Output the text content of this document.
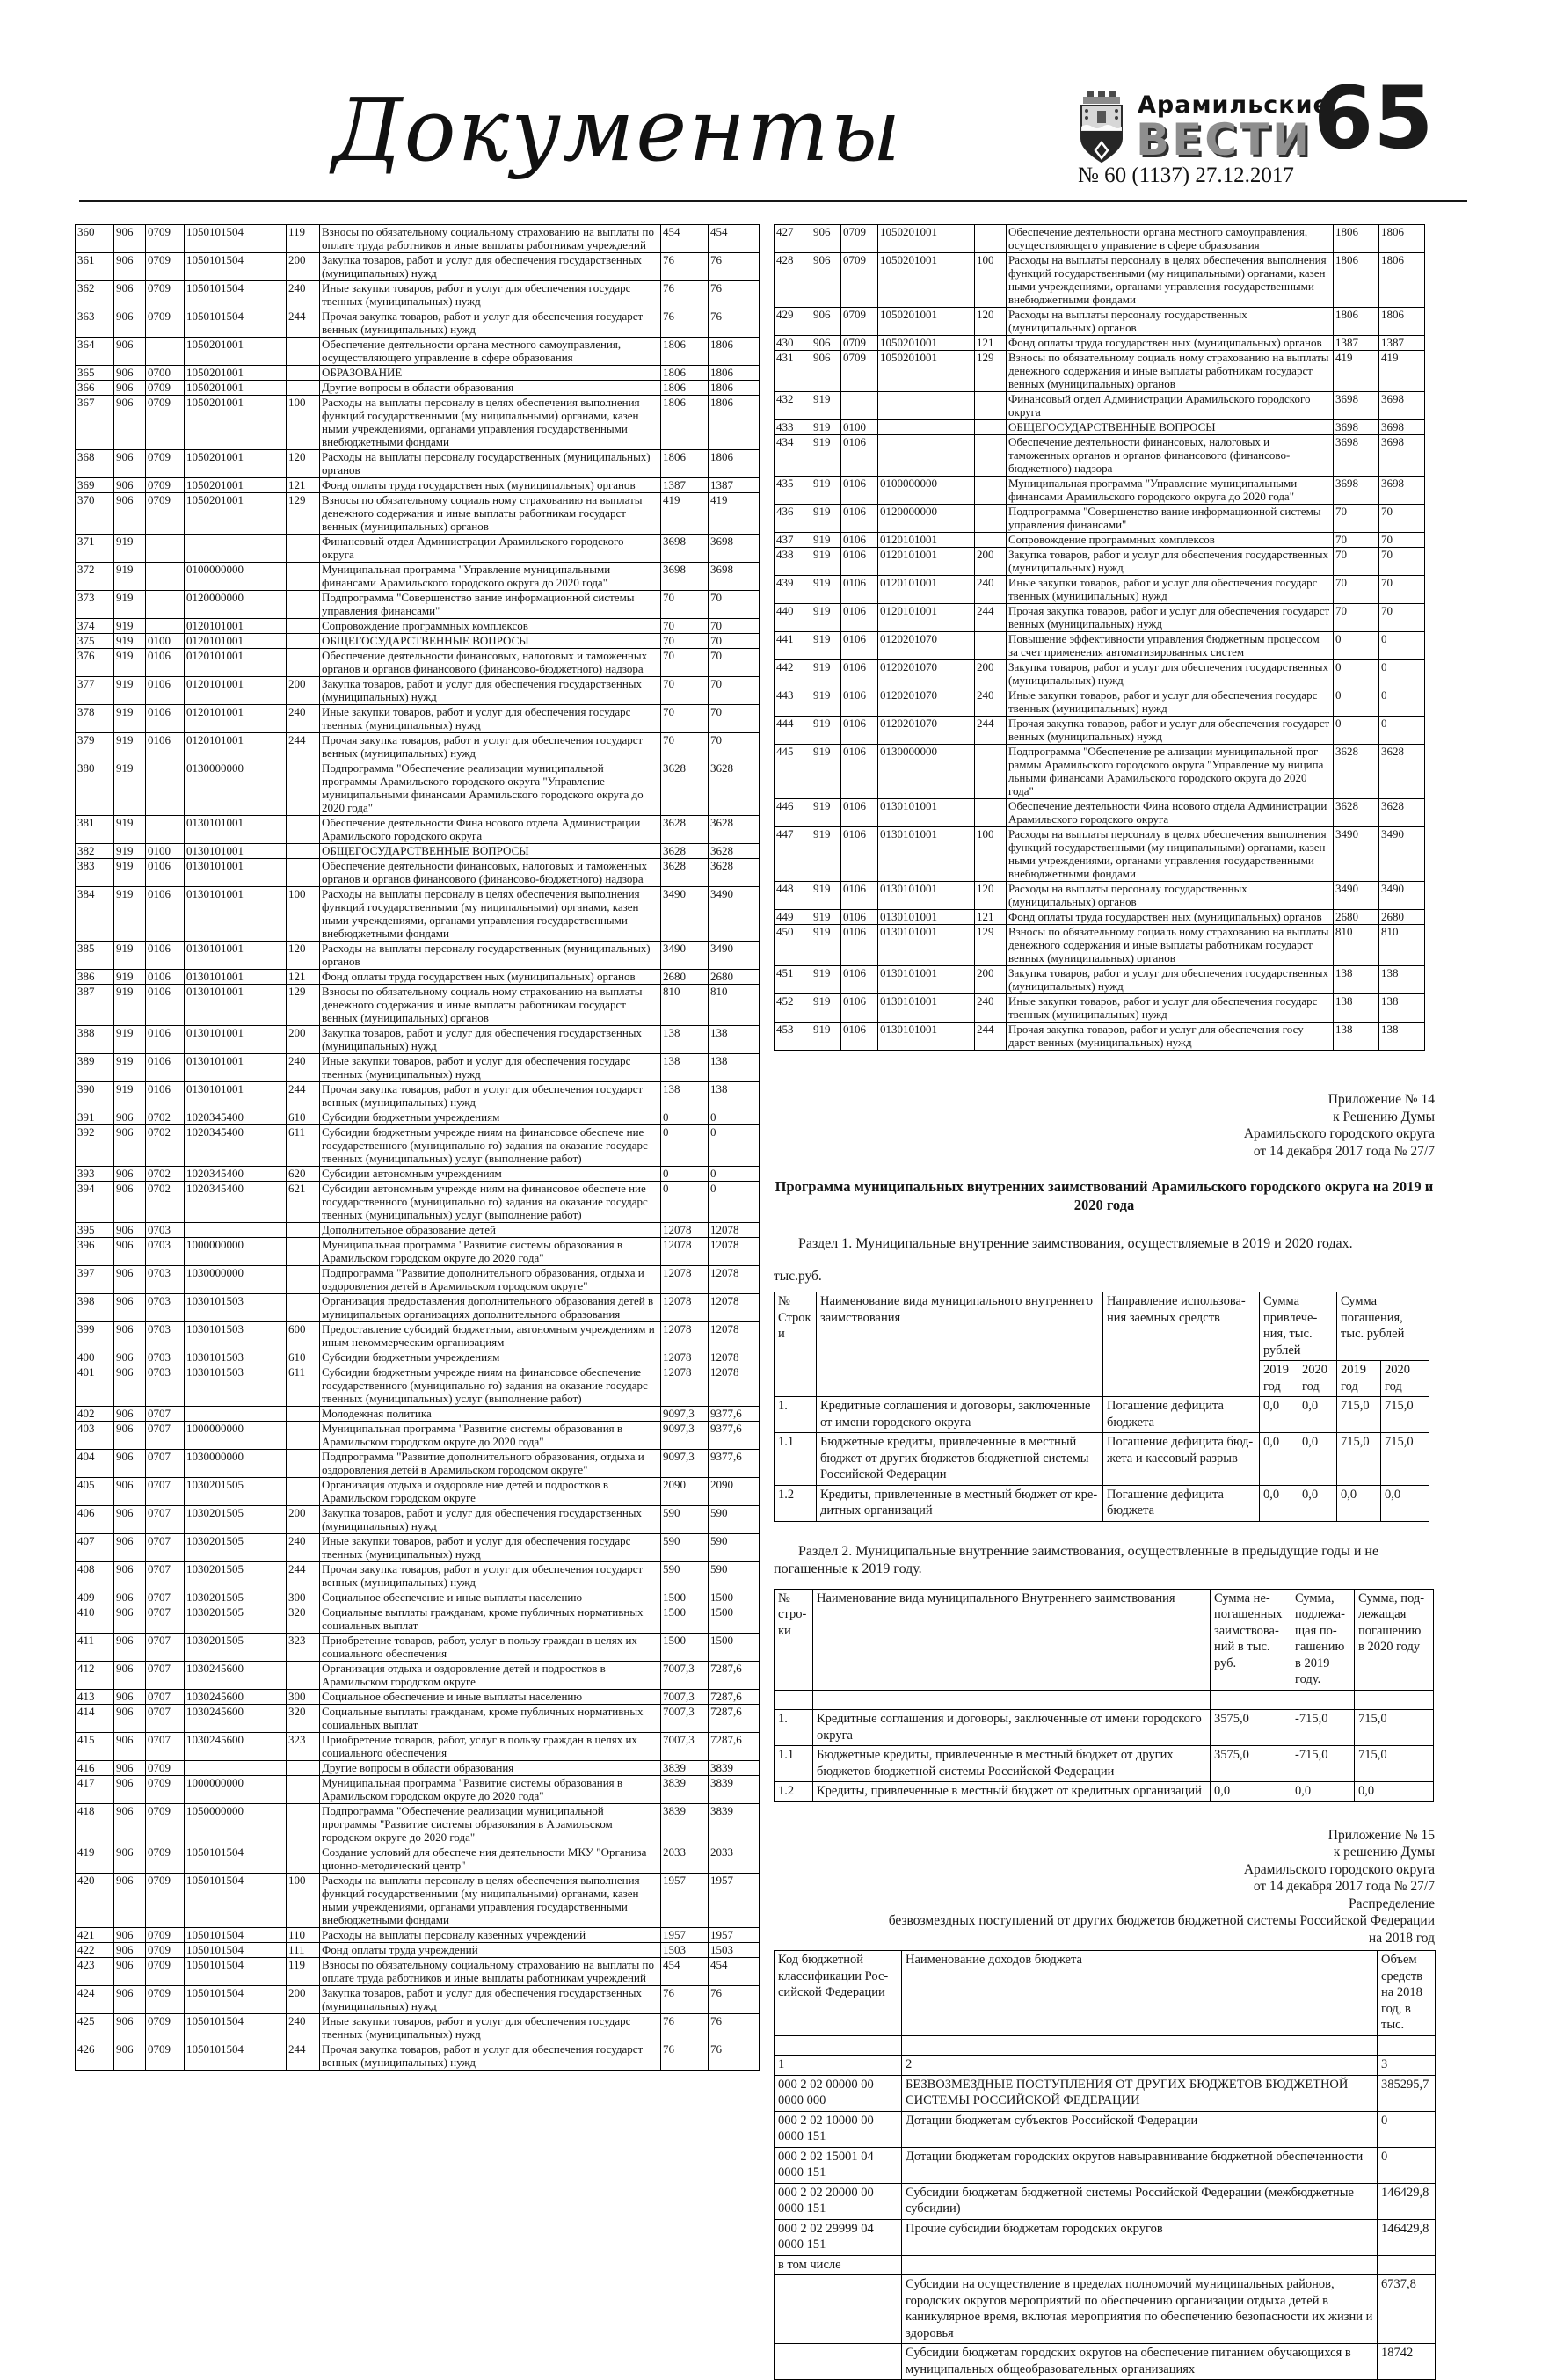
Документы	Арамильские
ВЕСТИ
№ 60 (1137) 27.12.2017
65
360	906	0709	1050101504	119	Взносы по обязательному социальному страхованию на выплаты по оплате труда работников и иные выплаты работникам учреждений	454	454
361	906	0709	1050101504	200	Закупка товаров, работ и услуг для обеспечения государственных (муниципальных) нужд	76	76
362	906	0709	1050101504	240	Иные закупки товаров, работ и услуг для обеспечения государс твенных (муниципальных) нужд	76	76
363	906	0709	1050101504	244	Прочая закупка товаров, работ и услуг для обеспечения государст венных (муниципальных) нужд	76	76
364	906		1050201001		Обеспечение деятельности органа местного самоуправления, осуществляющего управление в сфере образования	1806	1806
365	906	0700	1050201001		ОБРАЗОВАНИЕ	1806	1806
366	906	0709	1050201001		Другие вопросы в области образования	1806	1806
367	906	0709	1050201001	100	Расходы на выплаты персоналу в целях обеспечения выполнения функций государственными (му ниципальными) органами, казен ными учреждениями, органами управления государственными внебюджетными фондами	1806	1806
368	906	0709	1050201001	120	Расходы на выплаты персоналу государственных (муниципальных) органов	1806	1806
369	906	0709	1050201001	121	Фонд оплаты труда государствен ных (муниципальных) органов	1387	1387
370	906	0709	1050201001	129	Взносы по обязательному социаль ному страхованию на выплаты денежного содержания и иные выплаты работникам государст венных (муниципальных) органов	419	419
371	919				Финансовый отдел Администрации Арамильского городского округа	3698	3698
372	919		0100000000		Муниципальная программа "Управление муниципальными финансами Арамильского городского округа до 2020 года"	3698	3698
373	919		0120000000		Подпрограмма "Совершенство вание информационной системы управления финансами"	70	70
374	919		0120101001		Сопровождение программных комплексов	70	70
375	919	0100	0120101001		ОБЩЕГОСУДАРСТВЕННЫЕ ВОПРОСЫ	70	70
376	919	0106	0120101001		Обеспечение деятельности финансовых, налоговых и таможенных органов и органов финансового (финансово-бюджетного) надзора	70	70
377	919	0106	0120101001	200	Закупка товаров, работ и услуг для обеспечения государственных (муниципальных) нужд	70	70
378	919	0106	0120101001	240	Иные закупки товаров, работ и услуг для обеспечения государс твенных (муниципальных) нужд	70	70
379	919	0106	0120101001	244	Прочая закупка товаров, работ и услуг для обеспечения государст венных (муниципальных) нужд	70	70
380	919		0130000000		Подпрограмма "Обеспечение реализации муниципальной программы Арамильского городского округа "Управление муниципальными финансами Арамильского городского округа до 2020 года"	3628	3628
381	919		0130101001		Обеспечение деятельности Фина нсового отдела Администрации Арамильского городского округа	3628	3628
382	919	0100	0130101001		ОБЩЕГОСУДАРСТВЕННЫЕ ВОПРОСЫ	3628	3628
383	919	0106	0130101001		Обеспечение деятельности финансовых, налоговых и таможенных органов и органов финансового (финансово-бюджетного) надзора	3628	3628
384	919	0106	0130101001	100	Расходы на выплаты персоналу в целях обеспечения выполнения функций государственными (му ниципальными) органами, казен ными учреждениями, органами управления государственными внебюджетными фондами	3490	3490
385	919	0106	0130101001	120	Расходы на выплаты персоналу государственных (муниципальных) органов	3490	3490
386	919	0106	0130101001	121	Фонд оплаты труда государствен ных (муниципальных) органов	2680	2680
387	919	0106	0130101001	129	Взносы по обязательному социаль ному страхованию на выплаты денежного содержания и иные выплаты работникам государст венных (муниципальных) органов	810	810
388	919	0106	0130101001	200	Закупка товаров, работ и услуг для обеспечения государственных (муниципальных) нужд	138	138
389	919	0106	0130101001	240	Иные закупки товаров, работ и услуг для обеспечения государс твенных (муниципальных) нужд	138	138
390	919	0106	0130101001	244	Прочая закупка товаров, работ и услуг для обеспечения государст венных (муниципальных) нужд	138	138
391	906	0702	1020345400	610	Субсидии бюджетным учреждениям	0	0
392	906	0702	1020345400	611	Субсидии бюджетным учрежде ниям на финансовое обеспече ние государственного (муниципально го) задания на оказание государс твенных (муниципальных) услуг (выполнение работ)	0	0
393	906	0702	1020345400	620	Субсидии автономным учреждениям	0	0
394	906	0702	1020345400	621	Субсидии автономным учрежде ниям на финансовое обеспече ние государственного (муниципально го) задания на оказание государс твенных (муниципальных) услуг (выполнение работ)	0	0
395	906	0703			Дополнительное образование детей	12078	12078
396	906	0703	1000000000		Муниципальная программа "Развитие системы образования в Арамильском городском округе до 2020 года"	12078	12078
397	906	0703	1030000000		Подпрограмма "Развитие дополнительного образования, отдыха и оздоровления детей в Арамильском городском округе"	12078	12078
398	906	0703	1030101503		Организация предоставления дополнительного образования детей в муниципальных организациях дополнительного образования	12078	12078
399	906	0703	1030101503	600	Предоставление субсидий бюджетным, автономным учреждениям и иным некоммерческим организациям	12078	12078
400	906	0703	1030101503	610	Субсидии бюджетным учреждениям	12078	12078
401	906	0703	1030101503	611	Субсидии бюджетным учрежде ниям на финансовое обеспечение государственного (муниципально го) задания на оказание государс твенных (муниципальных) услуг (выполнение работ)	12078	12078
402	906	0707			Молодежная политика	9097,3	9377,6
403	906	0707	1000000000		Муниципальная программа "Развитие системы образования в Арамильском городском округе до 2020 года"	9097,3	9377,6
404	906	0707	1030000000		Подпрограмма "Развитие дополнительного образования, отдыха и оздоровления детей в Арамильском городском округе"	9097,3	9377,6
405	906	0707	1030201505		Организация отдыха и оздоровле ние детей и подростков в Арамильском городском округе	2090	2090
406	906	0707	1030201505	200	Закупка товаров, работ и услуг для обеспечения государственных (муниципальных) нужд	590	590
407	906	0707	1030201505	240	Иные закупки товаров, работ и услуг для обеспечения государс твенных (муниципальных) нужд	590	590
408	906	0707	1030201505	244	Прочая закупка товаров, работ и услуг для обеспечения государст венных (муниципальных) нужд	590	590
409	906	0707	1030201505	300	Социальное обеспечение и иные выплаты населению	1500	1500
410	906	0707	1030201505	320	Социальные выплаты гражданам, кроме публичных нормативных социальных выплат	1500	1500
411	906	0707	1030201505	323	Приобретение товаров, работ, услуг в пользу граждан в целях их социального обеспечения	1500	1500
412	906	0707	1030245600		Организация отдыха и оздоровление детей и подростков в Арамильском городском округе	7007,3	7287,6
413	906	0707	1030245600	300	Социальное обеспечение и иные выплаты населению	7007,3	7287,6
414	906	0707	1030245600	320	Социальные выплаты гражданам, кроме публичных нормативных социальных выплат	7007,3	7287,6
415	906	0707	1030245600	323	Приобретение товаров, работ, услуг в пользу граждан в целях их социального обеспечения	7007,3	7287,6
416	906	0709			Другие вопросы в области образования	3839	3839
417	906	0709	1000000000		Муниципальная программа "Развитие системы образования в Арамильском городском округе до 2020 года"	3839	3839
418	906	0709	1050000000		Подпрограмма "Обеспечение реализации муниципальной программы "Развитие системы образования в Арамильском городском округе до 2020 года"	3839	3839
419	906	0709	1050101504		Создание условий для обеспече ния деятельности МКУ "Организа ционно-методический центр"	2033	2033
420	906	0709	1050101504	100	Расходы на выплаты персоналу в целях обеспечения выполнения функций государственными (му ниципальными) органами, казен ными учреждениями, органами управления государственными внебюджетными фондами	1957	1957
421	906	0709	1050101504	110	Расходы на выплаты персоналу казенных учреждений	1957	1957
422	906	0709	1050101504	111	Фонд оплаты труда учреждений	1503	1503
423	906	0709	1050101504	119	Взносы по обязательному социальному страхованию на выплаты по оплате труда работников и иные выплаты работникам учреждений	454	454
424	906	0709	1050101504	200	Закупка товаров, работ и услуг для обеспечения государственных (муниципальных) нужд	76	76
425	906	0709	1050101504	240	Иные закупки товаров, работ и услуг для обеспечения государс твенных (муниципальных) нужд	76	76
426	906	0709	1050101504	244	Прочая закупка товаров, работ и услуг для обеспечения государст венных (муниципальных) нужд	76	76
427	906	0709	1050201001		Обеспечение деятельности органа местного самоуправления, осуществляющего управление в сфере образования	1806	1806
428	906	0709	1050201001	100	Расходы на выплаты персоналу в целях обеспечения выполнения функций государственными (му ниципальными) органами, казен ными учреждениями, органами управления государственными внебюджетными фондами	1806	1806
429	906	0709	1050201001	120	Расходы на выплаты персоналу государственных (муниципальных) органов	1806	1806
430	906	0709	1050201001	121	Фонд оплаты труда государствен ных (муниципальных) органов	1387	1387
431	906	0709	1050201001	129	Взносы по обязательному социаль ному страхованию на выплаты денежного содержания и иные выплаты работникам государст венных (муниципальных) органов	419	419
432	919				Финансовый отдел Администрации Арамильского городского округа	3698	3698
433	919	0100			ОБЩЕГОСУДАРСТВЕННЫЕ ВОПРОСЫ	3698	3698
434	919	0106			Обеспечение деятельности финансовых, налоговых и таможенных органов и органов финансового (финансово-бюджетного) надзора	3698	3698
435	919	0106	0100000000		Муниципальная программа "Управление муниципальными финансами Арамильского городского округа до 2020 года"	3698	3698
436	919	0106	0120000000		Подпрограмма "Совершенство вание информационной системы управления финансами"	70	70
437	919	0106	0120101001		Сопровождение программных комплексов	70	70
438	919	0106	0120101001	200	Закупка товаров, работ и услуг для обеспечения государственных (муниципальных) нужд	70	70
439	919	0106	0120101001	240	Иные закупки товаров, работ и услуг для обеспечения государс твенных (муниципальных) нужд	70	70
440	919	0106	0120101001	244	Прочая закупка товаров, работ и услуг для обеспечения государст венных (муниципальных) нужд	70	70
441	919	0106	0120201070		Повышение эффективности управления бюджетным процессом за счет применения автоматизированных систем	0	0
442	919	0106	0120201070	200	Закупка товаров, работ и услуг для обеспечения государственных (муниципальных) нужд	0	0
443	919	0106	0120201070	240	Иные закупки товаров, работ и услуг для обеспечения государс твенных (муниципальных) нужд	0	0
444	919	0106	0120201070	244	Прочая закупка товаров, работ и услуг для обеспечения государст венных (муниципальных) нужд	0	0
445	919	0106	0130000000		Подпрограмма "Обеспечение ре ализации муниципальной прог раммы Арамильского городского округа "Управление му ниципа льными финансами Арамильского городского округа до 2020 года"	3628	3628
446	919	0106	0130101001		Обеспечение деятельности Фина нсового отдела Администрации Арамильского городского округа	3628	3628
447	919	0106	0130101001	100	Расходы на выплаты персоналу в целях обеспечения выполнения функций государственными (му ниципальными) органами, казен ными учреждениями, органами управления государственными внебюджетными фондами	3490	3490
448	919	0106	0130101001	120	Расходы на выплаты персоналу государственных (муниципальных) органов	3490	3490
449	919	0106	0130101001	121	Фонд оплаты труда государствен ных (муниципальных) органов	2680	2680
450	919	0106	0130101001	129	Взносы по обязательному социаль ному страхованию на выплаты денежного содержания и иные выплаты работникам государст венных (муниципальных) органов	810	810
451	919	0106	0130101001	200	Закупка товаров, работ и услуг для обеспечения государственных (муниципальных) нужд	138	138
452	919	0106	0130101001	240	Иные закупки товаров, работ и услуг для обеспечения государс твенных (муниципальных) нужд	138	138
453	919	0106	0130101001	244	Прочая закупка товаров, работ и услуг для обеспечения госу дарст венных (муниципальных) нужд	138	138
Приложение № 14
к Решению Думы
Арамильского городского округа
от 14 декабря 2017 года № 27/7
Программа муниципальных внутренних заимствований Арамильского городского округа на 2019 и 2020 года
Раздел 1. Муниципальные внутренние заимствования, осуществляемые в 2019 и 2020 годах.
тыс.руб.
№ Строки	Наименование вида муниципального внутреннего заимствования	Направление использова- ния заемных средств	Сумма привлече- ния, тыс. рублей		Сумма погашения, тыс. рублей	
			2019 год	2020 год	2019 год	2020 год
1.	Кредитные соглашения и договоры, заключенные от имени городского округа	Погашение дефицита бюджета	0,0	0,0	715,0	715,0
1.1	Бюджетные кредиты, привлеченные в местный бюджет от других бюджетов бюджетной системы Российской Федерации	Погашение дефицита бюд- жета и кассовый разрыв	0,0	0,0	715,0	715,0
1.2	Кредиты, привлеченные в местный бюджет от кре- дитных организаций	Погашение дефицита бюджета	0,0	0,0	0,0	0,0
Раздел 2. Муниципальные внутренние заимствования, осуществленные в предыдущие годы и не погашенные к 2019 году.
№ стро- ки	Наименование вида муниципального Внутреннего заимствования	Сумма не- погашенных заимствова- ний в тыс. руб.	Сумма, подлежа- щая по- гашению в 2019 году.	Сумма, под- лежащая погашению в 2020 году

1.	Кредитные соглашения и договоры, заключенные от имени городского округа	3575,0	-715,0	715,0
1.1	Бюджетные кредиты, привлеченные в местный бюджет от других бюджетов бюджетной системы Российской Федерации	3575,0	-715,0	715,0
1.2	Кредиты, привлеченные в местный бюджет от кредитных организаций	0,0	0,0	0,0
Приложение № 15
к решению Думы
Арамильского городского округа
от 14 декабря 2017 года № 27/7
Распределение
безвозмездных поступлений от других бюджетов бюджетной системы Российской Федерации
на 2018 год
Код бюджетной классификации Рос- сийской Федерации	Наименование доходов бюджета	Объем средств на 2018 год, в тыс.

1	2	3
000 2 02 00000 00 0000 000	БЕЗВОЗМЕЗДНЫЕ ПОСТУПЛЕНИЯ ОТ ДРУГИХ БЮДЖЕТОВ БЮДЖЕТНОЙ СИСТЕМЫ РОССИЙСКОЙ ФЕДЕРАЦИИ	385295,7
000 2 02 10000 00 0000 151	Дотации бюджетам субъектов Российской Федерации	0
000 2 02 15001 04 0000 151	Дотации бюджетам городских округов навыравнивание бюджетной обеспеченности	0
000 2 02 20000 00 0000 151	Субсидии бюджетам бюджетной системы Российской Федерации (межбюджетные субсидии)	146429,8
000 2 02 29999 04 0000 151	Прочие субсидии бюджетам городских округов	146429,8
в том числе		
	Субсидии на осуществление в пределах полномочий муниципальных районов, городских округов мероприятий по обеспечению организации отдыха детей в каникулярное время, включая мероприятия по обеспечению безопасности их жизни и здоровья	6737,8
	Субсидии бюджетам городских округов на обеспечение питанием обучающихся в муниципальных общеобразовательных организациях	18742
